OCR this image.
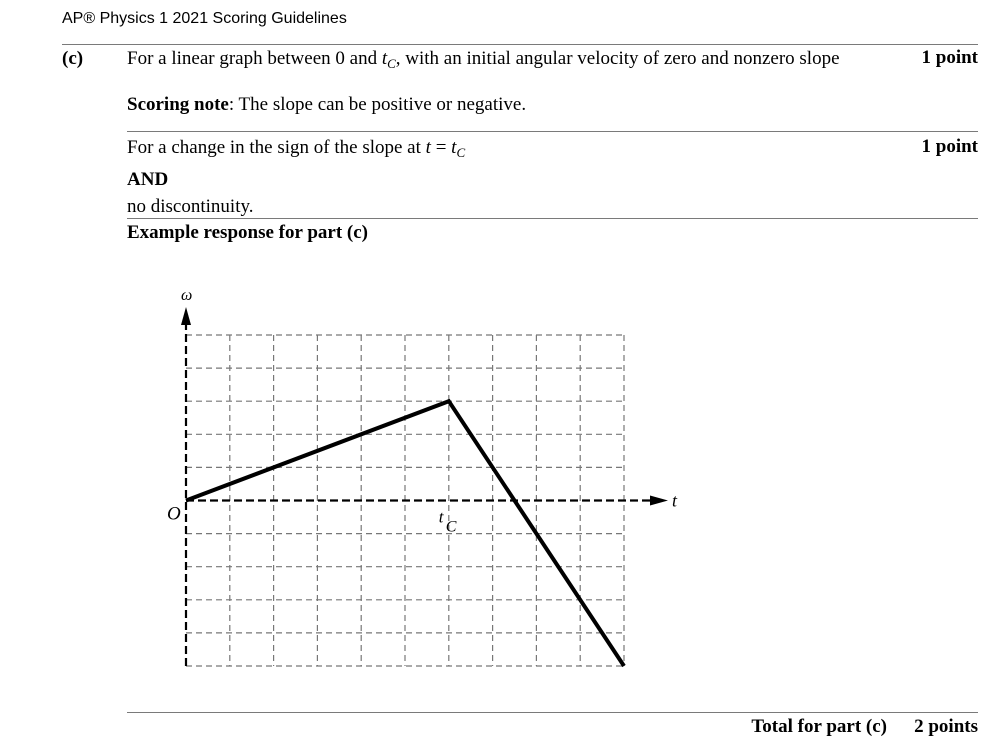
AP® Physics 1 2021 Scoring Guidelines
(c) For a linear graph between 0 and $t_C$, with an initial angular velocity of zero and nonzero slope	1 point
Scoring note: The slope can be positive or negative.
For a change in the sign of the slope at $t = t_C$	1 point
AND
no discontinuity.
Example response for part (c)
ω
t
O	t
C
Total for part (c) 2 points
